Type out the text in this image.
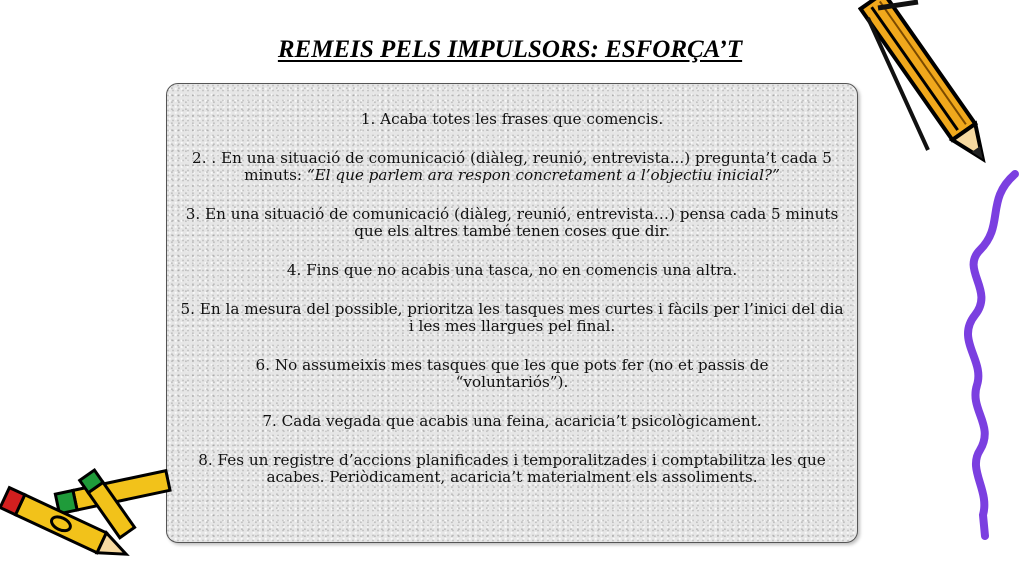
REMEIS PELS IMPULSORS: ESFORÇA’T
1. Acaba totes les frases que comencis.
2. . En una situació de comunicació (diàleg, reunió, entrevista...) pregunta’t cada 5 minuts: “El que parlem ara respon concretament a l’objectiu inicial?”
3. En una situació de comunicació (diàleg, reunió, entrevista…) pensa cada 5 minuts que els altres també tenen coses que dir.
4. Fins que no acabis una tasca, no en comencis una altra.
5. En la mesura del possible, prioritza les tasques mes curtes i fàcils per l’inici del dia i les mes llargues pel final.
6. No assumeixis mes tasques que les que pots fer (no et passis de “voluntariós”).
7. Cada vegada que acabis una feina, acaricia’t psicològicament.
8. Fes un registre d’accions planificades i temporalitzades i comptabilitza les que acabes. Periòdicament, acaricia’t materialment els assoliments.
